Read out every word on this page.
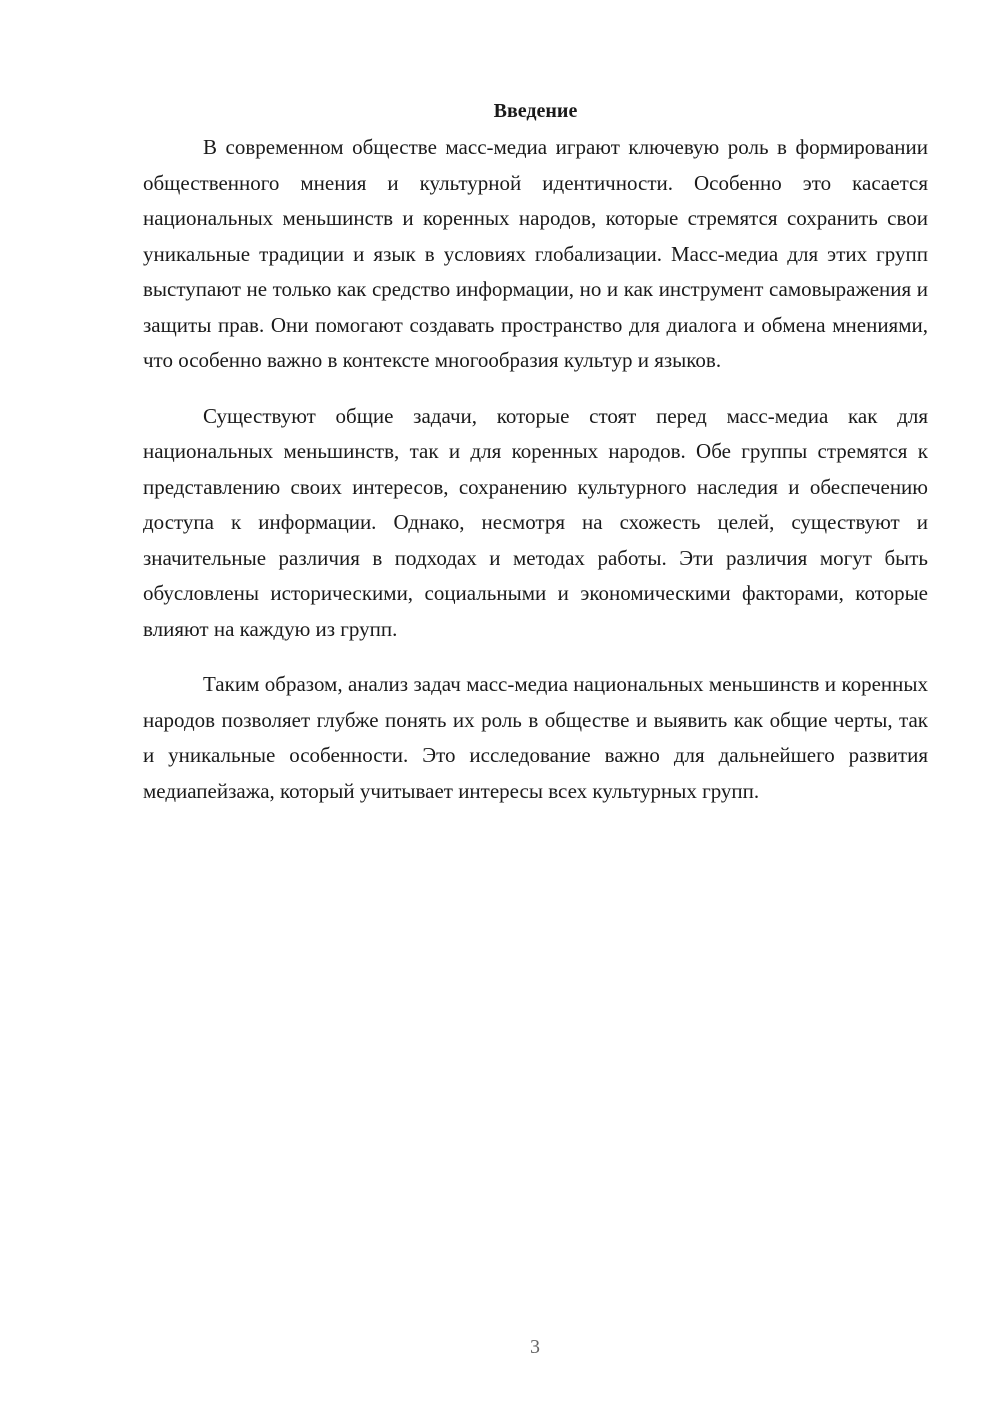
Введение

В современном обществе масс-медиа играют ключевую роль в формировании общественного мнения и культурной идентичности. Особенно это касается национальных меньшинств и коренных народов, которые стремятся сохранить свои уникальные традиции и язык в условиях глобализации. Масс-медиа для этих групп выступают не только как средство информации, но и как инструмент самовыражения и защиты прав. Они помогают создавать пространство для диалога и обмена мнениями, что особенно важно в контексте многообразия культур и языков.

Существуют общие задачи, которые стоят перед масс-медиа как для национальных меньшинств, так и для коренных народов. Обе группы стремятся к представлению своих интересов, сохранению культурного наследия и обеспечению доступа к информации. Однако, несмотря на схожесть целей, существуют и значительные различия в подходах и методах работы. Эти различия могут быть обусловлены историческими, социальными и экономическими факторами, которые влияют на каждую из групп.

Таким образом, анализ задач масс-медиа национальных меньшинств и коренных народов позволяет глубже понять их роль в обществе и выявить как общие черты, так и уникальные особенности. Это исследование важно для дальнейшего развития медиапейзажа, который учитывает интересы всех культурных групп.

3
